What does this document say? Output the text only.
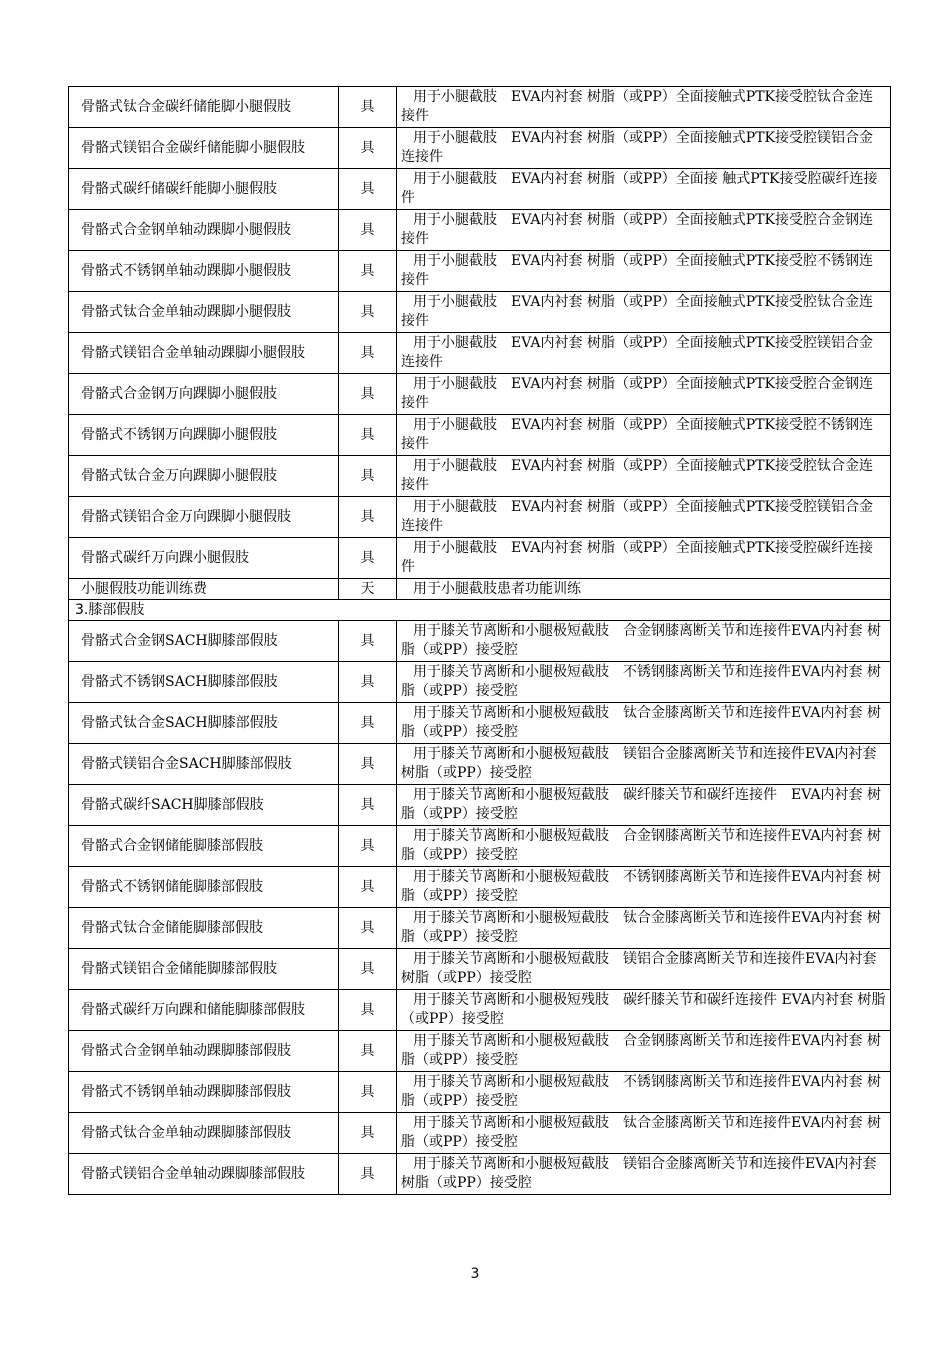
骨骼式钛合金碳纤储能脚小腿假肢	具	用于小腿截肢　EVA内衬套 树脂（或PP）全面接触式PTK接受腔钛合金连接件
骨骼式镁铝合金碳纤储能脚小腿假肢	具	用于小腿截肢　EVA内衬套 树脂（或PP）全面接触式PTK接受腔镁铝合金连接件
骨骼式碳纤储碳纤能脚小腿假肢	具	用于小腿截肢　EVA内衬套 树脂（或PP）全面接 触式PTK接受腔碳纤连接件
骨骼式合金钢单轴动踝脚小腿假肢	具	用于小腿截肢　EVA内衬套 树脂（或PP）全面接触式PTK接受腔合金钢连接件
骨骼式不锈钢单轴动踝脚小腿假肢	具	用于小腿截肢　EVA内衬套 树脂（或PP）全面接触式PTK接受腔不锈钢连接件
骨骼式钛合金单轴动踝脚小腿假肢	具	用于小腿截肢　EVA内衬套 树脂（或PP）全面接触式PTK接受腔钛合金连接件
骨骼式镁铝合金单轴动踝脚小腿假肢	具	用于小腿截肢　EVA内衬套 树脂（或PP）全面接触式PTK接受腔镁铝合金连接件
骨骼式合金钢万向踝脚小腿假肢	具	用于小腿截肢　EVA内衬套 树脂（或PP）全面接触式PTK接受腔合金钢连接件
骨骼式不锈钢万向踝脚小腿假肢	具	用于小腿截肢　EVA内衬套 树脂（或PP）全面接触式PTK接受腔不锈钢连接件
骨骼式钛合金万向踝脚小腿假肢	具	用于小腿截肢　EVA内衬套 树脂（或PP）全面接触式PTK接受腔钛合金连接件
骨骼式镁铝合金万向踝脚小腿假肢	具	用于小腿截肢　EVA内衬套 树脂（或PP）全面接触式PTK接受腔镁铝合金连接件
骨骼式碳纤万向踝小腿假肢	具	用于小腿截肢　EVA内衬套 树脂（或PP）全面接触式PTK接受腔碳纤连接件
小腿假肢功能训练费	天	用于小腿截肢患者功能训练
3.膝部假肢		
骨骼式合金钢SACH脚膝部假肢	具	用于膝关节离断和小腿极短截肢　合金钢膝离断关节和连接件EVA内衬套 树脂（或PP）接受腔
骨骼式不锈钢SACH脚膝部假肢	具	用于膝关节离断和小腿极短截肢　不锈钢膝离断关节和连接件EVA内衬套 树脂（或PP）接受腔
骨骼式钛合金SACH脚膝部假肢	具	用于膝关节离断和小腿极短截肢　钛合金膝离断关节和连接件EVA内衬套 树脂（或PP）接受腔
骨骼式镁铝合金SACH脚膝部假肢	具	用于膝关节离断和小腿极短截肢　镁铝合金膝离断关节和连接件EVA内衬套 树脂（或PP）接受腔
骨骼式碳纤SACH脚膝部假肢	具	用于膝关节离断和小腿极短截肢　碳纤膝关节和碳纤连接件　EVA内衬套 树脂（或PP）接受腔
骨骼式合金钢储能脚膝部假肢	具	用于膝关节离断和小腿极短截肢　合金钢膝离断关节和连接件EVA内衬套 树脂（或PP）接受腔
骨骼式不锈钢储能脚膝部假肢	具	用于膝关节离断和小腿极短截肢　不锈钢膝离断关节和连接件EVA内衬套 树脂（或PP）接受腔
骨骼式钛合金储能脚膝部假肢	具	用于膝关节离断和小腿极短截肢　钛合金膝离断关节和连接件EVA内衬套 树脂（或PP）接受腔
骨骼式镁铝合金储能脚膝部假肢	具	用于膝关节离断和小腿极短截肢　镁铝合金膝离断关节和连接件EVA内衬套 树脂（或PP）接受腔
骨骼式碳纤万向踝和储能脚膝部假肢	具	用于膝关节离断和小腿极短残肢　碳纤膝关节和碳纤连接件 EVA内衬套 树脂（或PP）接受腔
骨骼式合金钢单轴动踝脚膝部假肢	具	用于膝关节离断和小腿极短截肢　合金钢膝离断关节和连接件EVA内衬套 树脂（或PP）接受腔
骨骼式不锈钢单轴动踝脚膝部假肢	具	用于膝关节离断和小腿极短截肢　不锈钢膝离断关节和连接件EVA内衬套 树脂（或PP）接受腔
骨骼式钛合金单轴动踝脚膝部假肢	具	用于膝关节离断和小腿极短截肢　钛合金膝离断关节和连接件EVA内衬套 树脂（或PP）接受腔
骨骼式镁铝合金单轴动踝脚膝部假肢	具	用于膝关节离断和小腿极短截肢　镁铝合金膝离断关节和连接件EVA内衬套 树脂（或PP）接受腔
3
